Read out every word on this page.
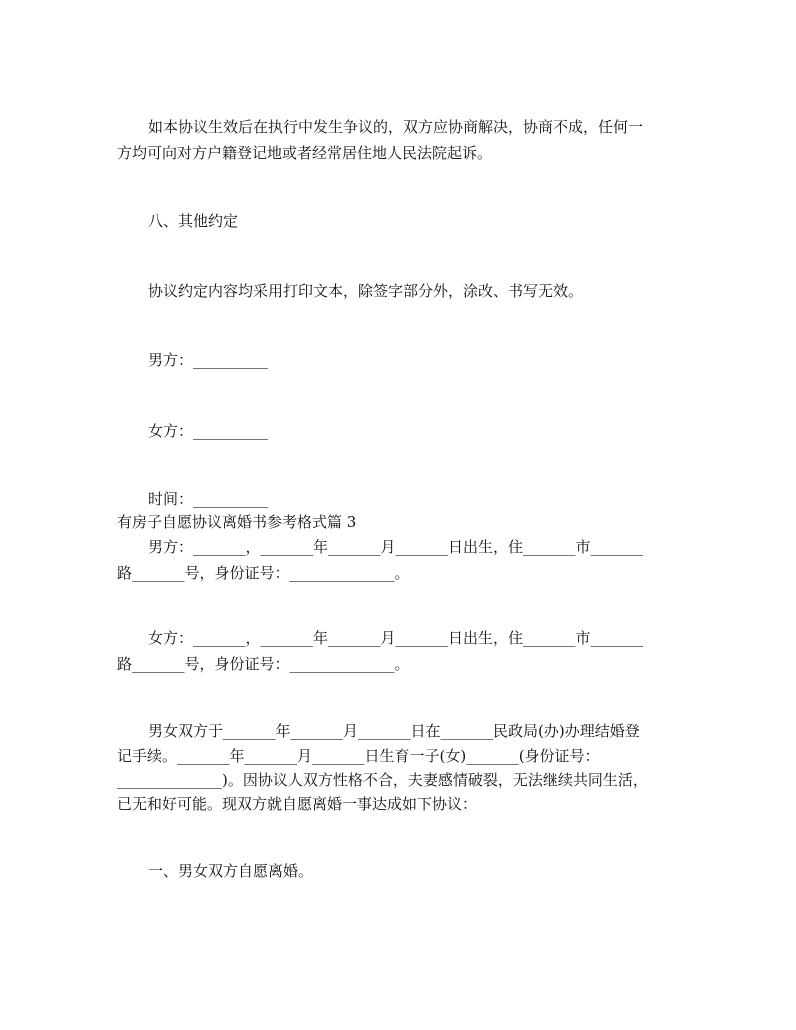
如本协议生效后在执行中发生争议的，双方应协商解决，协商不成，任何一
方均可向对方户籍登记地或者经常居住地人民法院起诉。
八、其他约定
协议约定内容均采用打印文本，除签字部分外，涂改、书写无效。
男方：__________
女方：__________
时间：__________
有房子自愿协议离婚书参考格式篇 3
男方：_______，_______年_______月_______日出生，住_______市_______
路_______号，身份证号：______________。
女方：_______，_______年_______月_______日出生，住_______市_______
路_______号，身份证号：______________。
男女双方于_______年_______月_______日在_______民政局(办)办理结婚登
记手续。_______年_______月_______日生育一子(女)_______(身份证号：
______________)。因协议人双方性格不合，夫妻感情破裂，无法继续共同生活，
已无和好可能。现双方就自愿离婚一事达成如下协议：
一、男女双方自愿离婚。
